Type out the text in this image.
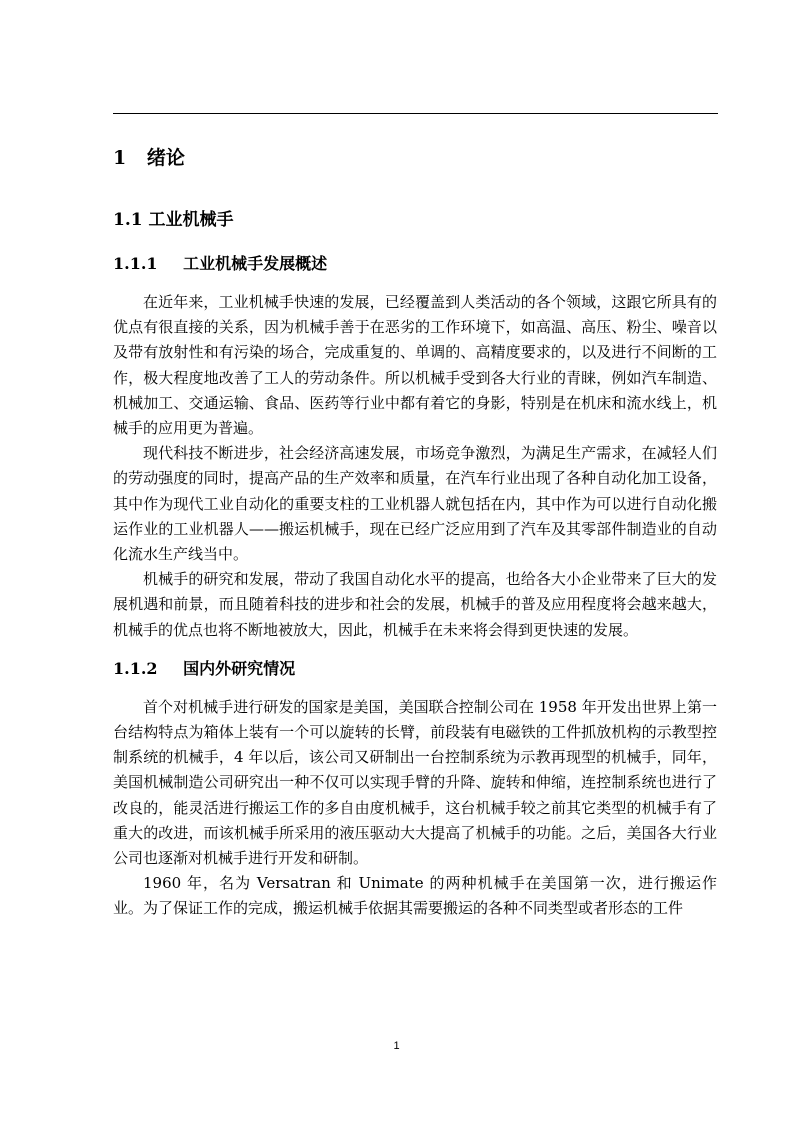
1 绪论
1.1 工业机械手
1.1.1 工业机械手发展概述

在近年来，工业机械手快速的发展，已经覆盖到人类活动的各个领域，这跟它所具有的优点有很直接的关系，因为机械手善于在恶劣的工作环境下，如高温、高压、粉尘、噪音以及带有放射性和有污染的场合，完成重复的、单调的、高精度要求的，以及进行不间断的工作，极大程度地改善了工人的劳动条件。所以机械手受到各大行业的青睐，例如汽车制造、机械加工、交通运输、食品、医药等行业中都有着它的身影，特别是在机床和流水线上，机械手的应用更为普遍。

现代科技不断进步，社会经济高速发展，市场竞争激烈，为满足生产需求，在减轻人们的劳动强度的同时，提高产品的生产效率和质量，在汽车行业出现了各种自动化加工设备，其中作为现代工业自动化的重要支柱的工业机器人就包括在内，其中作为可以进行自动化搬运作业的工业机器人——搬运机械手，现在已经广泛应用到了汽车及其零部件制造业的自动化流水生产线当中。

机械手的研究和发展，带动了我国自动化水平的提高，也给各大小企业带来了巨大的发展机遇和前景，而且随着科技的进步和社会的发展，机械手的普及应用程度将会越来越大，机械手的优点也将不断地被放大，因此，机械手在未来将会得到更快速的发展。

1.1.2 国内外研究情况

首个对机械手进行研发的国家是美国，美国联合控制公司在 1958 年开发出世界上第一台结构特点为箱体上装有一个可以旋转的长臂，前段装有电磁铁的工件抓放机构的示教型控制系统的机械手，4 年以后，该公司又研制出一台控制系统为示教再现型的机械手，同年，美国机械制造公司研究出一种不仅可以实现手臂的升降、旋转和伸缩，连控制系统也进行了改良的，能灵活进行搬运工作的多自由度机械手，这台机械手较之前其它类型的机械手有了重大的改进，而该机械手所采用的液压驱动大大提高了机械手的功能。之后，美国各大行业公司也逐渐对机械手进行开发和研制。

1960 年，名为 Versatran 和 Unimate 的两种机械手在美国第一次，进行搬运作业。为了保证工作的完成，搬运机械手依据其需要搬运的各种不同类型或者形态的工件

1
